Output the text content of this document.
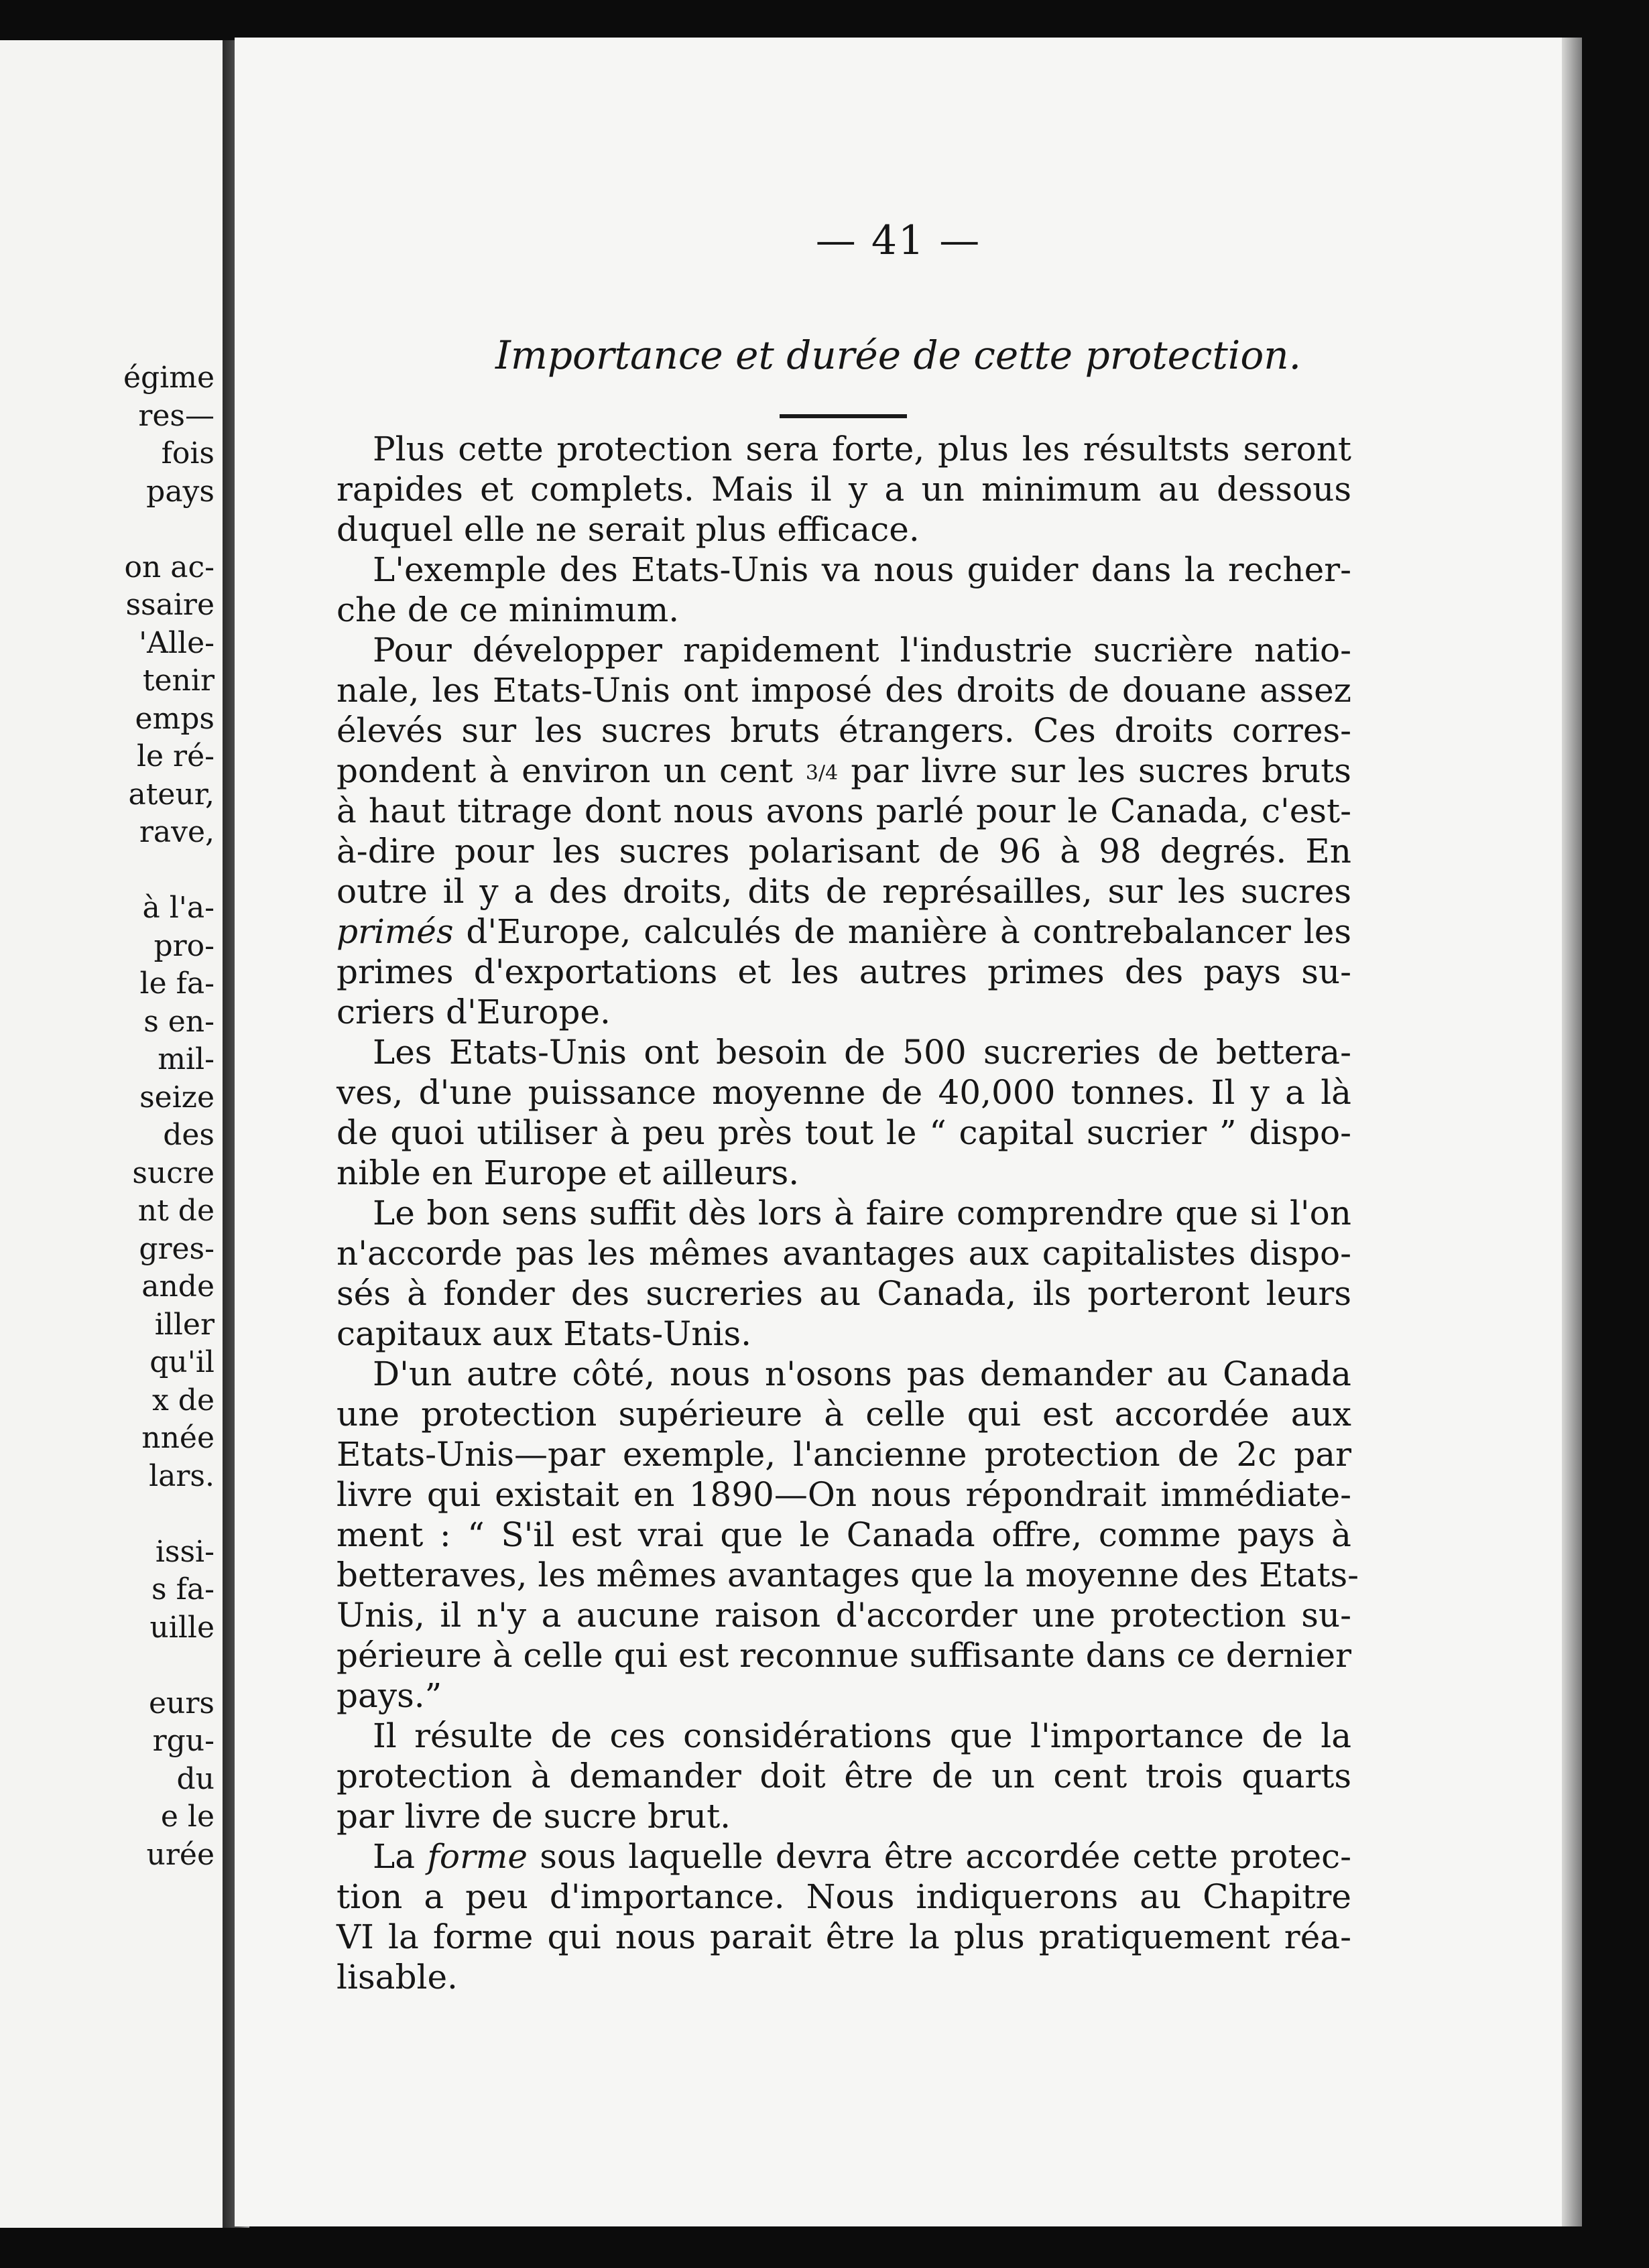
égime
res—
fois
pays
on ac-
ssaire
'Alle-
tenir
emps
le ré-
ateur,
rave,
à l'a-
pro-
le fa-
s en-
mil-
seize
des
sucre
nt de
gres-
ande
iller
qu'il
x de
nnée
lars.
issi-
s fa-
uille
eurs
rgu-
du
e le
urée
— 41 —
Importance et durée de cette protection.
Plus cette protection sera forte, plus les résultsts seront
rapides et complets. Mais il y a un minimum au dessous
duquel elle ne serait plus efficace.
L'exemple des Etats-Unis va nous guider dans la recher-
che de ce minimum.
Pour développer rapidement l'industrie sucrière natio-
nale, les Etats-Unis ont imposé des droits de douane assez
élevés sur les sucres bruts étrangers. Ces droits corres-
pondent à environ un cent 3/4 par livre sur les sucres bruts
à haut titrage dont nous avons parlé pour le Canada, c'est-
à-dire pour les sucres polarisant de 96 à 98 degrés. En
outre il y a des droits, dits de représailles, sur les sucres
primés d'Europe, calculés de manière à contrebalancer les
primes d'exportations et les autres primes des pays su-
criers d'Europe.
Les Etats-Unis ont besoin de 500 sucreries de bettera-
ves, d'une puissance moyenne de 40,000 tonnes. Il y a là
de quoi utiliser à peu près tout le “ capital sucrier ” dispo-
nible en Europe et ailleurs.
Le bon sens suffit dès lors à faire comprendre que si l'on
n'accorde pas les mêmes avantages aux capitalistes dispo-
sés à fonder des sucreries au Canada, ils porteront leurs
capitaux aux Etats-Unis.
D'un autre côté, nous n'osons pas demander au Canada
une protection supérieure à celle qui est accordée aux
Etats-Unis—par exemple, l'ancienne protection de 2c par
livre qui existait en 1890—On nous répondrait immédiate-
ment : “ S'il est vrai que le Canada offre, comme pays à
betteraves, les mêmes avantages que la moyenne des Etats-
Unis, il n'y a aucune raison d'accorder une protection su-
périeure à celle qui est reconnue suffisante dans ce dernier
pays.”
Il résulte de ces considérations que l'importance de la
protection à demander doit être de un cent trois quarts
par livre de sucre brut.
La forme sous laquelle devra être accordée cette protec-
tion a peu d'importance. Nous indiquerons au Chapitre
VI la forme qui nous parait être la plus pratiquement réa-
lisable.
